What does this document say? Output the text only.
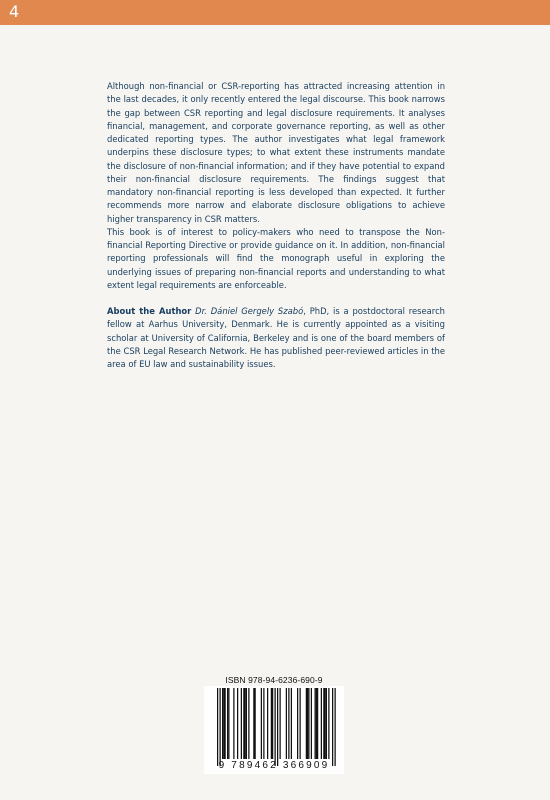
4

Although non-financial or CSR-reporting has attracted increasing attention in the last decades, it only recently entered the legal discourse. This book narrows the gap between CSR reporting and legal disclosure requirements. It analyses financial, management, and corporate governance reporting, as well as other dedicated reporting types. The author investigates what legal framework underpins these disclosure types; to what extent these instruments mandate the disclosure of non-financial information; and if they have potential to expand their non-financial disclosure requirements. The findings suggest that mandatory non-financial reporting is less developed than expected. It further recommends more narrow and elaborate disclosure obligations to achieve higher transparency in CSR matters.

This book is of interest to policy-makers who need to transpose the Non-financial Reporting Directive or provide guidance on it. In addition, non-financial reporting professionals will find the monograph useful in exploring the underlying issues of preparing non-financial reports and understanding to what extent legal requirements are enforceable.

About the Author Dr. Dániel Gergely Szabó, PhD, is a postdoctoral research fellow at Aarhus University, Denmark. He is currently appointed as a visiting scholar at University of California, Berkeley and is one of the board members of the CSR Legal Research Network. He has published peer-reviewed articles in the area of EU law and sustainability issues.

ISBN 978-94-6236-690-9
9 789462 366909
